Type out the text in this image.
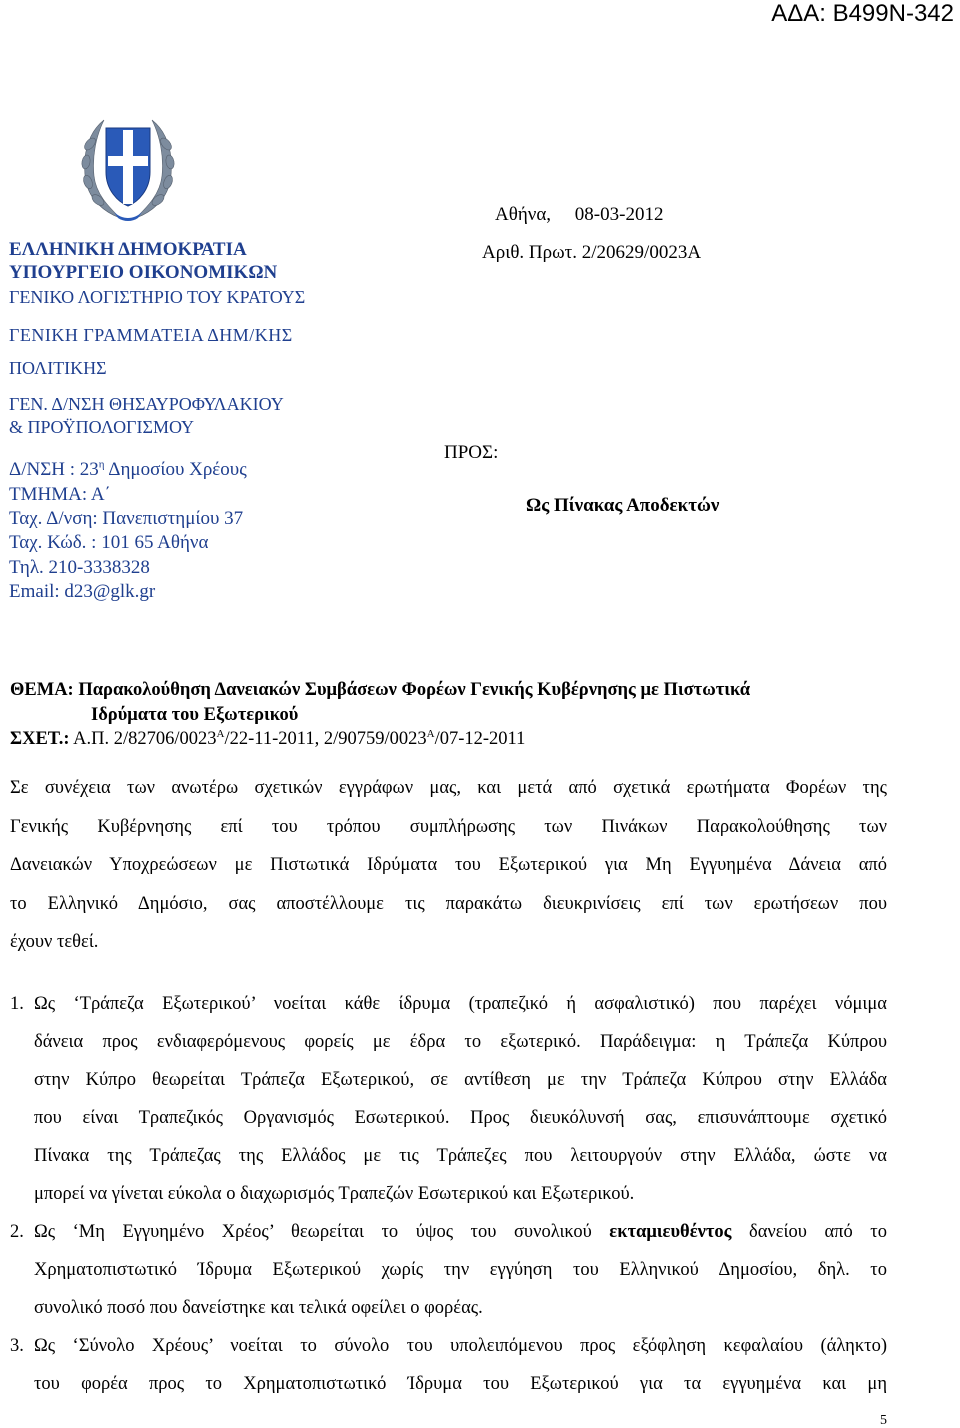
ΑΔΑ: Β499Ν-342
ΕΛΛΗΝΙΚΗ ΔΗΜΟΚΡΑΤΙΑ
ΥΠΟΥΡΓΕΙΟ ΟΙΚΟΝΟΜΙΚΩΝ
ΓΕΝΙΚΟ ΛΟΓΙΣΤΗΡΙΟ ΤΟΥ ΚΡΑΤΟΥΣ
ΓΕΝΙΚΗ ΓΡΑΜΜΑΤΕΙΑ ΔΗΜ/ΚΗΣ
ΠΟΛΙΤΙΚΗΣ
ΓΕΝ. Δ/ΝΣΗ ΘΗΣΑΥΡΟΦΥΛΑΚΙΟΥ
& ΠΡΟΫΠΟΛΟΓΙΣΜΟΥ
Δ/ΝΣΗ : $23^\eta$ Δημοσίου Χρέους
ΤΜΗΜΑ: Α΄
Ταχ. Δ/νση: Πανεπιστημίου 37
Ταχ. Κώδ. : 101 65 Αθήνα
Τηλ. 210-3338328
Email: d23@glk.gr
Αθήνα,     08-03-2012
Αριθ. Πρωτ. 2/20629/0023Α
ΠΡΟΣ:
Ως Πίνακας Αποδεκτών
ΘΕΜΑ: Παρακολούθηση Δανειακών Συμβάσεων Φορέων Γενικής Κυβέρνησης με Πιστωτικά
Ιδρύματα του Εξωτερικού
ΣΧΕΤ.: Α.Π. $2/82706/0023^A/22-11-2011$, $2/90759/0023^A/07-12-2011$
Σε συνέχεια των ανωτέρω σχετικών εγγράφων μας, και μετά από σχετικά ερωτήματα Φορέων της
Γενικής Κυβέρνησης επί του τρόπου συμπλήρωσης των Πινάκων Παρακολούθησης των
Δανειακών Υποχρεώσεων με Πιστωτικά Ιδρύματα του Εξωτερικού για Μη Εγγυημένα Δάνεια από
το Ελληνικό Δημόσιο, σας αποστέλλουμε τις παρακάτω διευκρινίσεις επί των ερωτήσεων που
έχουν τεθεί.
1. Ως ‘Τράπεζα Εξωτερικού’ νοείται κάθε ίδρυμα (τραπεζικό ή ασφαλιστικό) που παρέχει νόμιμα
δάνεια προς ενδιαφερόμενους φορείς με έδρα το εξωτερικό. Παράδειγμα: η Τράπεζα Κύπρου
στην Κύπρο θεωρείται Τράπεζα Εξωτερικού, σε αντίθεση με την Τράπεζα Κύπρου στην Ελλάδα
που είναι Τραπεζικός Οργανισμός Εσωτερικού. Προς διευκόλυνσή σας, επισυνάπτουμε σχετικό
Πίνακα της Τράπεζας της Ελλάδος με τις Τράπεζες που λειτουργούν στην Ελλάδα, ώστε να
μπορεί να γίνεται εύκολα ο διαχωρισμός Τραπεζών Εσωτερικού και Εξωτερικού.
2. Ως ‘Μη Εγγυημένο Χρέος’ θεωρείται το ύψος του συνολικού εκταμιευθέντος δανείου από το
Χρηματοπιστωτικό Ίδρυμα Εξωτερικού χωρίς την εγγύηση του Ελληνικού Δημοσίου, δηλ. το
συνολικό ποσό που δανείστηκε και τελικά οφείλει ο φορέας.
3. Ως ‘Σύνολο Χρέους’ νοείται το σύνολο του υπολειπόμενου προς εξόφληση κεφαλαίου (άληκτο)
του φορέα προς το Χρηματοπιστωτικό Ίδρυμα του Εξωτερικού για τα εγγυημένα και μη
5
